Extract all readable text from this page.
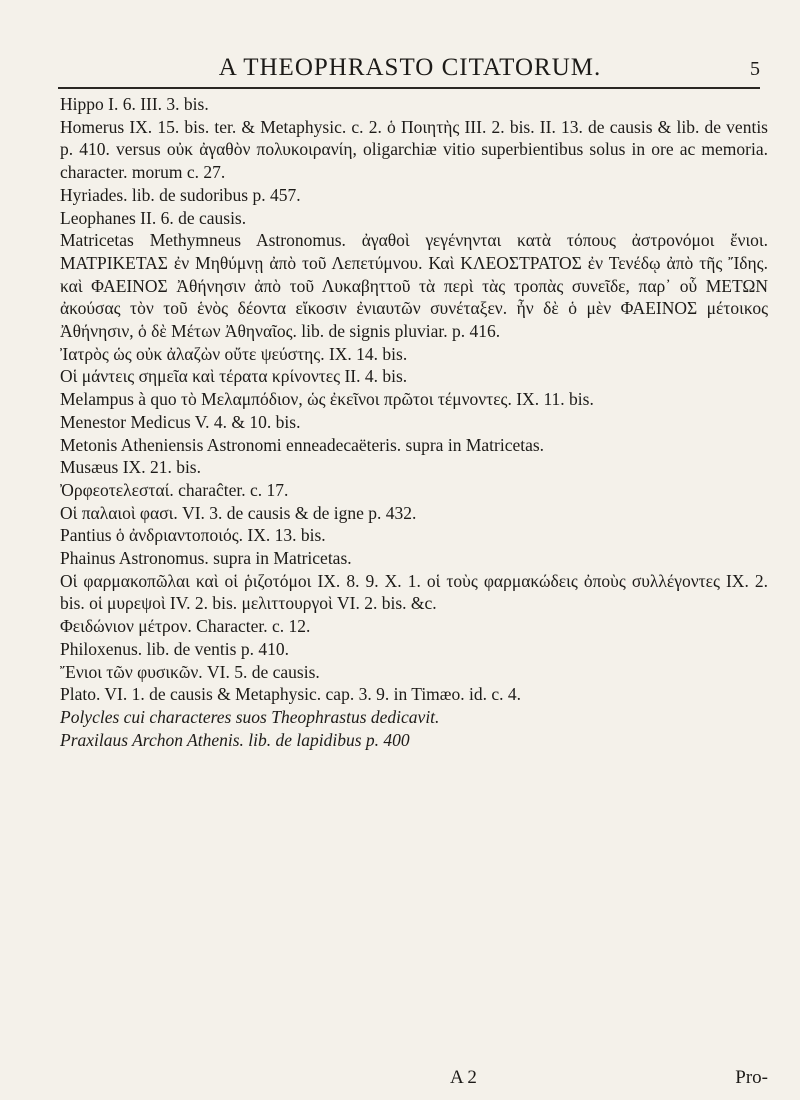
A THEOPHRASTO CITATORUM.	5

Hippo I. 6. III. 3. bis.

Homerus IX. 15. bis. ter. & Metaphysic. c. 2. ὁ Ποιητὴς III. 2. bis. II. 13. de causis & lib. de ventis p. 410. versus οὐκ ἀγαθὸν πολυκοιρανίη, oligarchiæ vitio superbientibus solus in ore ac memoria. character. morum c. 27.

Hyriades. lib. de sudoribus p. 457.

Leophanes II. 6. de causis.

Matricetas Methymneus Astronomus. ἀγαθοὶ γεγένηνται κατὰ τόπους ἀστρονόμοι ἔνιοι. ΜΑΤΡΙΚΕΤΑΣ ἐν Μηθύμνῃ ἀπὸ τοῦ Λεπετύμνου. Καὶ ΚΛΕΟΣΤΡΑΤΟΣ ἐν Τενέδῳ ἀπὸ τῆς Ἴδης. καὶ ΦΑΕΙΝΟΣ Ἀθήνησιν ἀπὸ τοῦ Λυκαβηττοῦ τὰ περὶ τὰς τροπὰς συνεῖδε, παρ᾽ οὗ ΜΕΤΩΝ ἀκούσας τὸν τοῦ ἑνὸς δέοντα εἴκοσιν ἐνιαυτῶν συνέταξεν. ἦν δὲ ὁ μὲν ΦΑΕΙΝΟΣ μέτοικος Ἀθήνησιν, ὁ δὲ Μέτων Ἀθηναῖος. lib. de signis pluviar. p. 416.

Ἰατρὸς ὡς οὐκ ἀλαζὼν οὔτε ψεύστης. IX. 14. bis.

Οἱ μάντεις σημεῖα καὶ τέρατα κρίνοντες II. 4. bis.

Melampus à quo τὸ Μελαμπόδιον, ὡς ἐκεῖνοι πρῶτοι τέμνοντες. IX. 11. bis.

Menestor Medicus V. 4. & 10. bis.

Metonis Atheniensis Astronomi enneadecaëteris. supra in Matricetas.

Musæus IX. 21. bis.

Ὀρφεοτελεσταί. charaĉter. c. 17.

Οἱ παλαιοὶ φασι. VI. 3. de causis & de igne p. 432.

Pantius ὁ ἀνδριαντοποιός. IX. 13. bis.

Phainus Astronomus. supra in Matricetas.

Οἱ φαρμακοπῶλαι καὶ οἱ ῥιζοτόμοι IX. 8. 9. X. 1. οἱ τοὺς φαρμακώδεις ὀποὺς συλλέγοντες IX. 2. bis. οἱ μυρεψοὶ IV. 2. bis. μελιττουργοὶ VI. 2. bis. &c.

Φειδώνιον μέτρον. Character. c. 12.

Philoxenus. lib. de ventis p. 410.

Ἔνιοι τῶν φυσικῶν. VI. 5. de causis.

Plato. VI. 1. de causis & Metaphysic. cap. 3. 9. in Timæo. id. c. 4.

Polycles cui characteres suos Theophrastus dedicavit.

Praxilaus Archon Athenis. lib. de lapidibus p. 400

A 2	Pro-
